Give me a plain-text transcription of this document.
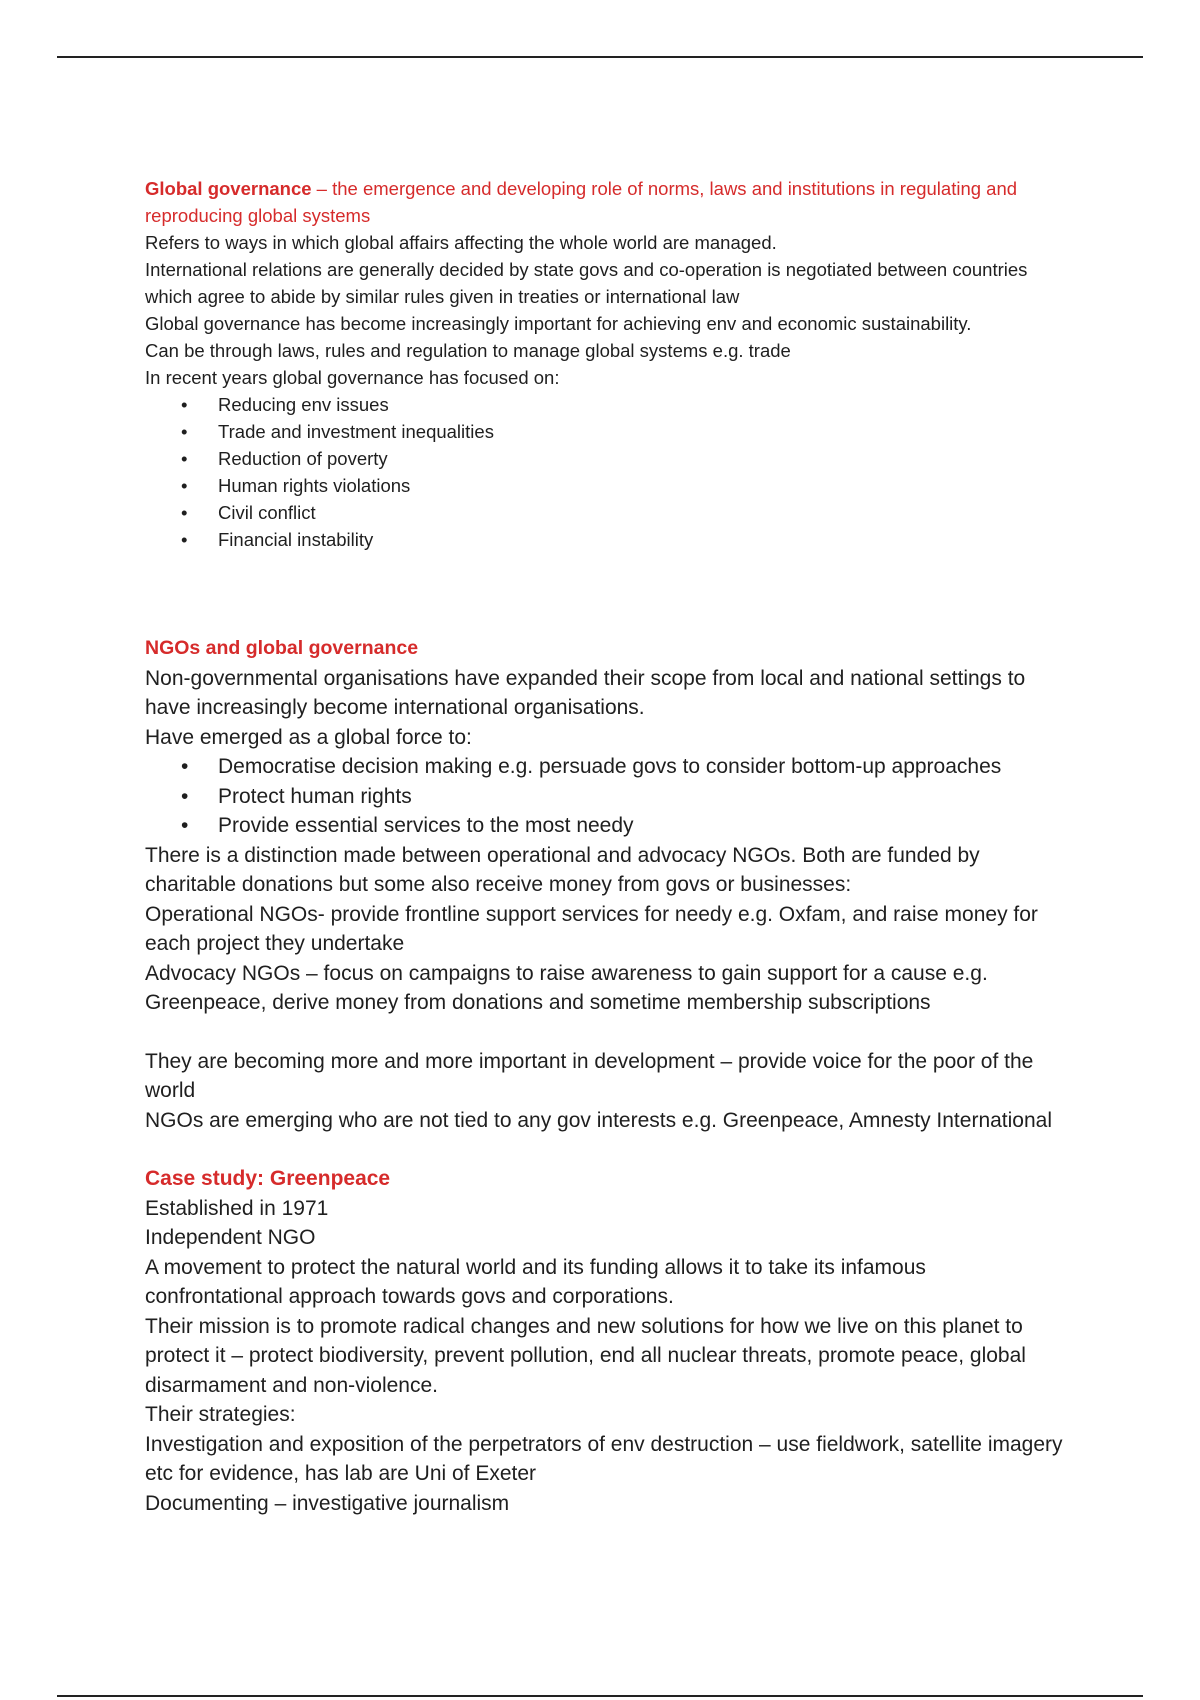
Global governance – the emergence and developing role of norms, laws and institutions in regulating and reproducing global systems

Refers to ways in which global affairs affecting the whole world are managed.

International relations are generally decided by state govs and co-operation is negotiated between countries which agree to abide by similar rules given in treaties or international law

Global governance has become increasingly important for achieving env and economic sustainability.

Can be through laws, rules and regulation to manage global systems e.g. trade

In recent years global governance has focused on:

• Reducing env issues
• Trade and investment inequalities
• Reduction of poverty
• Human rights violations
• Civil conflict
• Financial instability

NGOs and global governance

Non-governmental organisations have expanded their scope from local and national settings to have increasingly become international organisations.

Have emerged as a global force to:

• Democratise decision making e.g. persuade govs to consider bottom-up approaches
• Protect human rights
• Provide essential services to the most needy

There is a distinction made between operational and advocacy NGOs. Both are funded by charitable donations but some also receive money from govs or businesses:

Operational NGOs- provide frontline support services for needy e.g. Oxfam, and raise money for each project they undertake

Advocacy NGOs – focus on campaigns to raise awareness to gain support for a cause e.g. Greenpeace, derive money from donations and sometime membership subscriptions

They are becoming more and more important in development – provide voice for the poor of the world

NGOs are emerging who are not tied to any gov interests e.g. Greenpeace, Amnesty International

Case study: Greenpeace

Established in 1971

Independent NGO

A movement to protect the natural world and its funding allows it to take its infamous confrontational approach towards govs and corporations.

Their mission is to promote radical changes and new solutions for how we live on this planet to protect it – protect biodiversity, prevent pollution, end all nuclear threats, promote peace, global disarmament and non-violence.

Their strategies:

Investigation and exposition of the perpetrators of env destruction – use fieldwork, satellite imagery etc for evidence, has lab are Uni of Exeter

Documenting – investigative journalism
